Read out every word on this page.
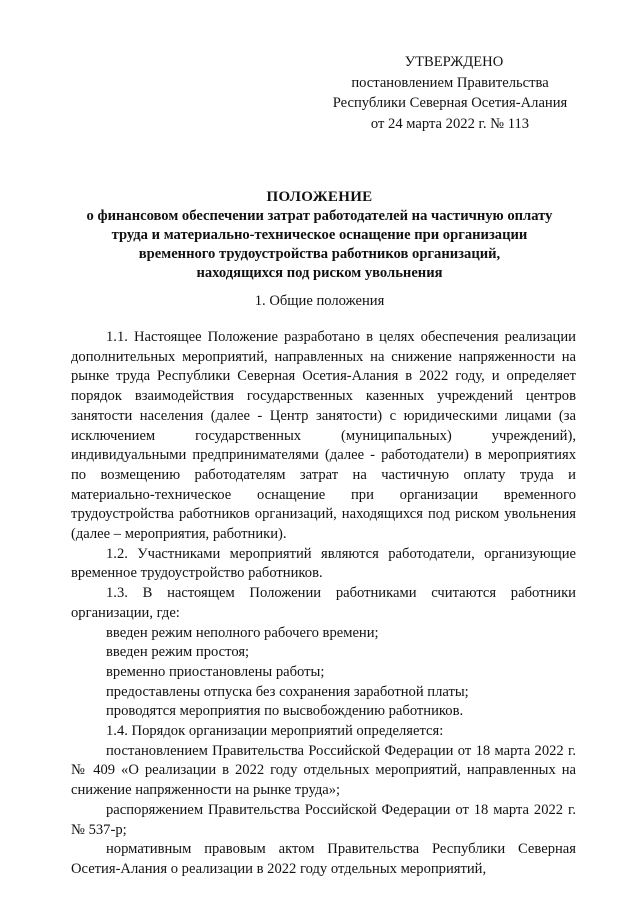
УТВЕРЖДЕНО
постановлением Правительства
Республики Северная Осетия-Алания
от 24 марта 2022 г. № 113
ПОЛОЖЕНИЕ
о финансовом обеспечении затрат работодателей на частичную оплату
труда и материально-техническое оснащение при организации
временного трудоустройства работников организаций,
находящихся под риском увольнения
1. Общие положения

1.1. Настоящее Положение разработано в целях обеспечения реализации дополнительных мероприятий, направленных на снижение напряженности на рынке труда Республики Северная Осетия-Алания в 2022 году, и определяет порядок взаимодействия государственных казенных учреждений центров занятости населения (далее - Центр занятости) с юридическими лицами (за исключением государственных (муниципальных) учреждений), индивидуальными предпринимателями (далее - работодатели) в мероприятиях по возмещению работодателям затрат на частичную оплату труда и материально-техническое оснащение при организации временного трудоустройства работников организаций, находящихся под риском увольнения (далее – мероприятия, работники).

1.2. Участниками мероприятий являются работодатели, организующие временное трудоустройство работников.

1.3. В настоящем Положении работниками считаются работники организации, где:

введен режим неполного рабочего времени;

введен режим простоя;

временно приостановлены работы;

предоставлены отпуска без сохранения заработной платы;

проводятся мероприятия по высвобождению работников.

1.4. Порядок организации мероприятий определяется:

постановлением Правительства Российской Федерации от 18 марта 2022 г. № 409 «О реализации в 2022 году отдельных мероприятий, направленных на снижение напряженности на рынке труда»;

распоряжением Правительства Российской Федерации от 18 марта 2022 г. № 537-р;

нормативным правовым актом Правительства Республики Северная Осетия-Алания о реализации в 2022 году отдельных мероприятий,
